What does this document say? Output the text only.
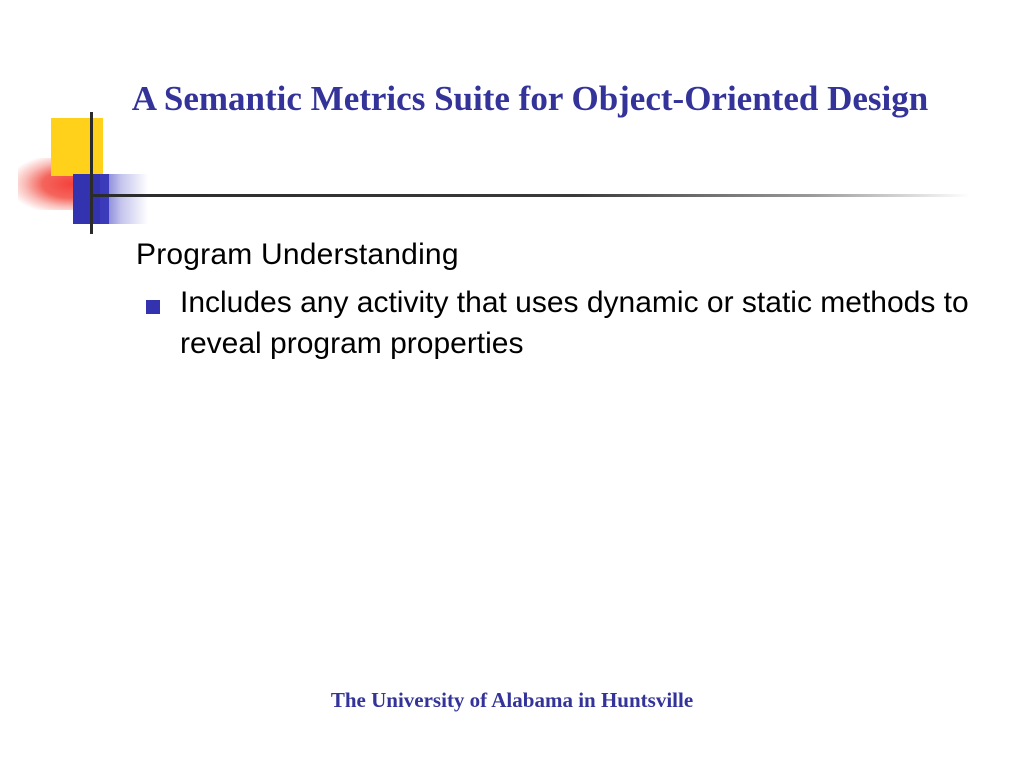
A Semantic Metrics Suite for Object-Oriented Design
Program Understanding
Includes any activity that uses dynamic or static methods to reveal program properties
The University of Alabama in Huntsville
